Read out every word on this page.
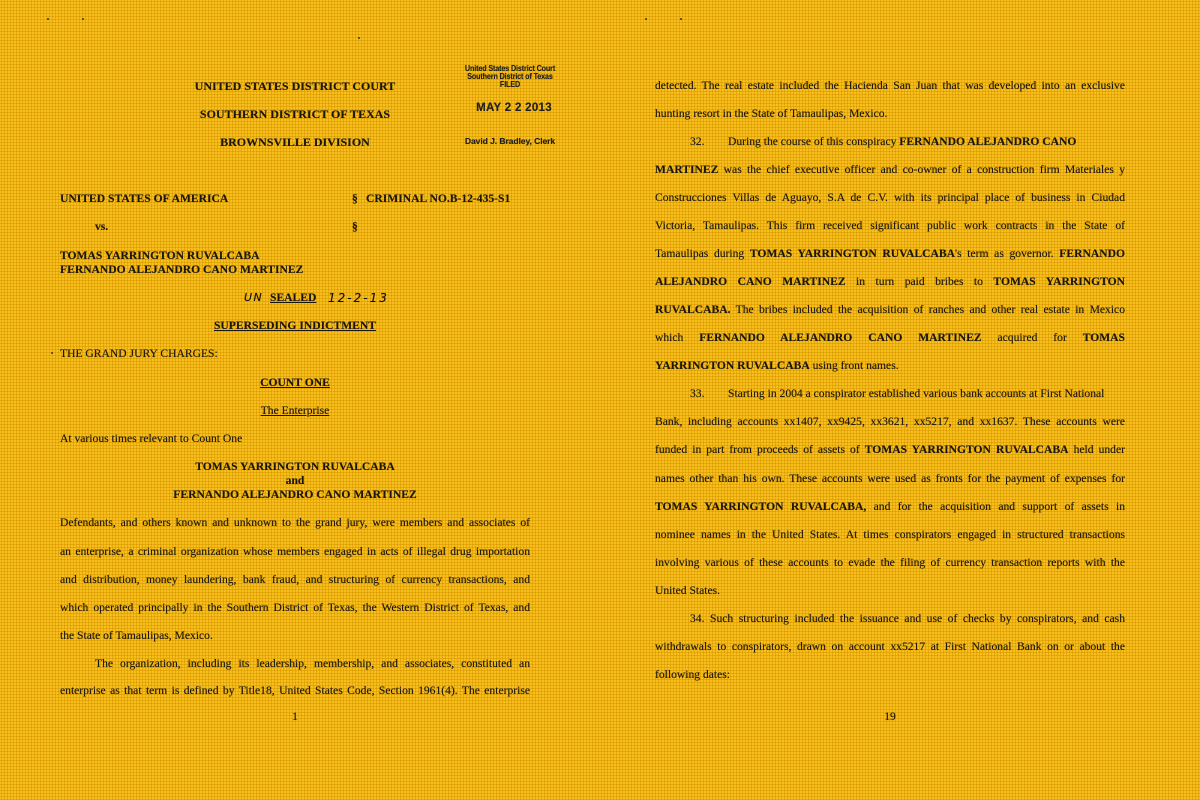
UNITED STATES DISTRICT COURT
SOUTHERN DISTRICT OF TEXAS
BROWNSVILLE DIVISION
United States District Court
Southern District of Texas
FILED
MAY 2 2 2013
David J. Bradley, Clerk
UNITED STATES OF AMERICA	§ CRIMINAL NO.B-12-435-S1
vs.	§
TOMAS YARRINGTON RUVALCABA
FERNANDO ALEJANDRO CANO MARTINEZ
UN SEALED 12-2-13
SUPERSEDING INDICTMENT
THE GRAND JURY CHARGES:
COUNT ONE
The Enterprise
At various times relevant to Count One
TOMAS YARRINGTON RUVALCABA
and
FERNANDO ALEJANDRO CANO MARTINEZ
Defendants, and others known and unknown to the grand jury, were members and associates of
an enterprise, a criminal organization whose members engaged in acts of illegal drug importation
and distribution, money laundering, bank fraud, and structuring of currency transactions, and
which operated principally in the Southern District of Texas, the Western District of Texas, and
the State of Tamaulipas, Mexico.
The organization, including its leadership, membership, and associates, constituted an
enterprise as that term is defined by Title18, United States Code, Section 1961(4). The enterprise
1
detected. The real estate included the Hacienda San Juan that was developed into an exclusive
hunting resort in the State of Tamaulipas, Mexico.
32. During the course of this conspiracy FERNANDO ALEJANDRO CANO
MARTINEZ was the chief executive officer and co-owner of a construction firm Materiales y
Construcciones Villas de Aguayo, S.A de C.V. with its principal place of business in Ciudad
Victoria, Tamaulipas. This firm received significant public work contracts in the State of
Tamaulipas during TOMAS YARRINGTON RUVALCABA's term as governor. FERNANDO
ALEJANDRO CANO MARTINEZ in turn paid bribes to TOMAS YARRINGTON
RUVALCABA. The bribes included the acquisition of ranches and other real estate in Mexico
which FERNANDO ALEJANDRO CANO MARTINEZ acquired for TOMAS
YARRINGTON RUVALCABA using front names.
33. Starting in 2004 a conspirator established various bank accounts at First National
Bank, including accounts xx1407, xx9425, xx3621, xx5217, and xx1637. These accounts were
funded in part from proceeds of assets of TOMAS YARRINGTON RUVALCABA held under
names other than his own. These accounts were used as fronts for the payment of expenses for
TOMAS YARRINGTON RUVALCABA, and for the acquisition and support of assets in
nominee names in the United States. At times conspirators engaged in structured transactions
involving various of these accounts to evade the filing of currency transaction reports with the
United States.
34. Such structuring included the issuance and use of checks by conspirators, and cash
withdrawals to conspirators, drawn on account xx5217 at First National Bank on or about the
following dates:
19
